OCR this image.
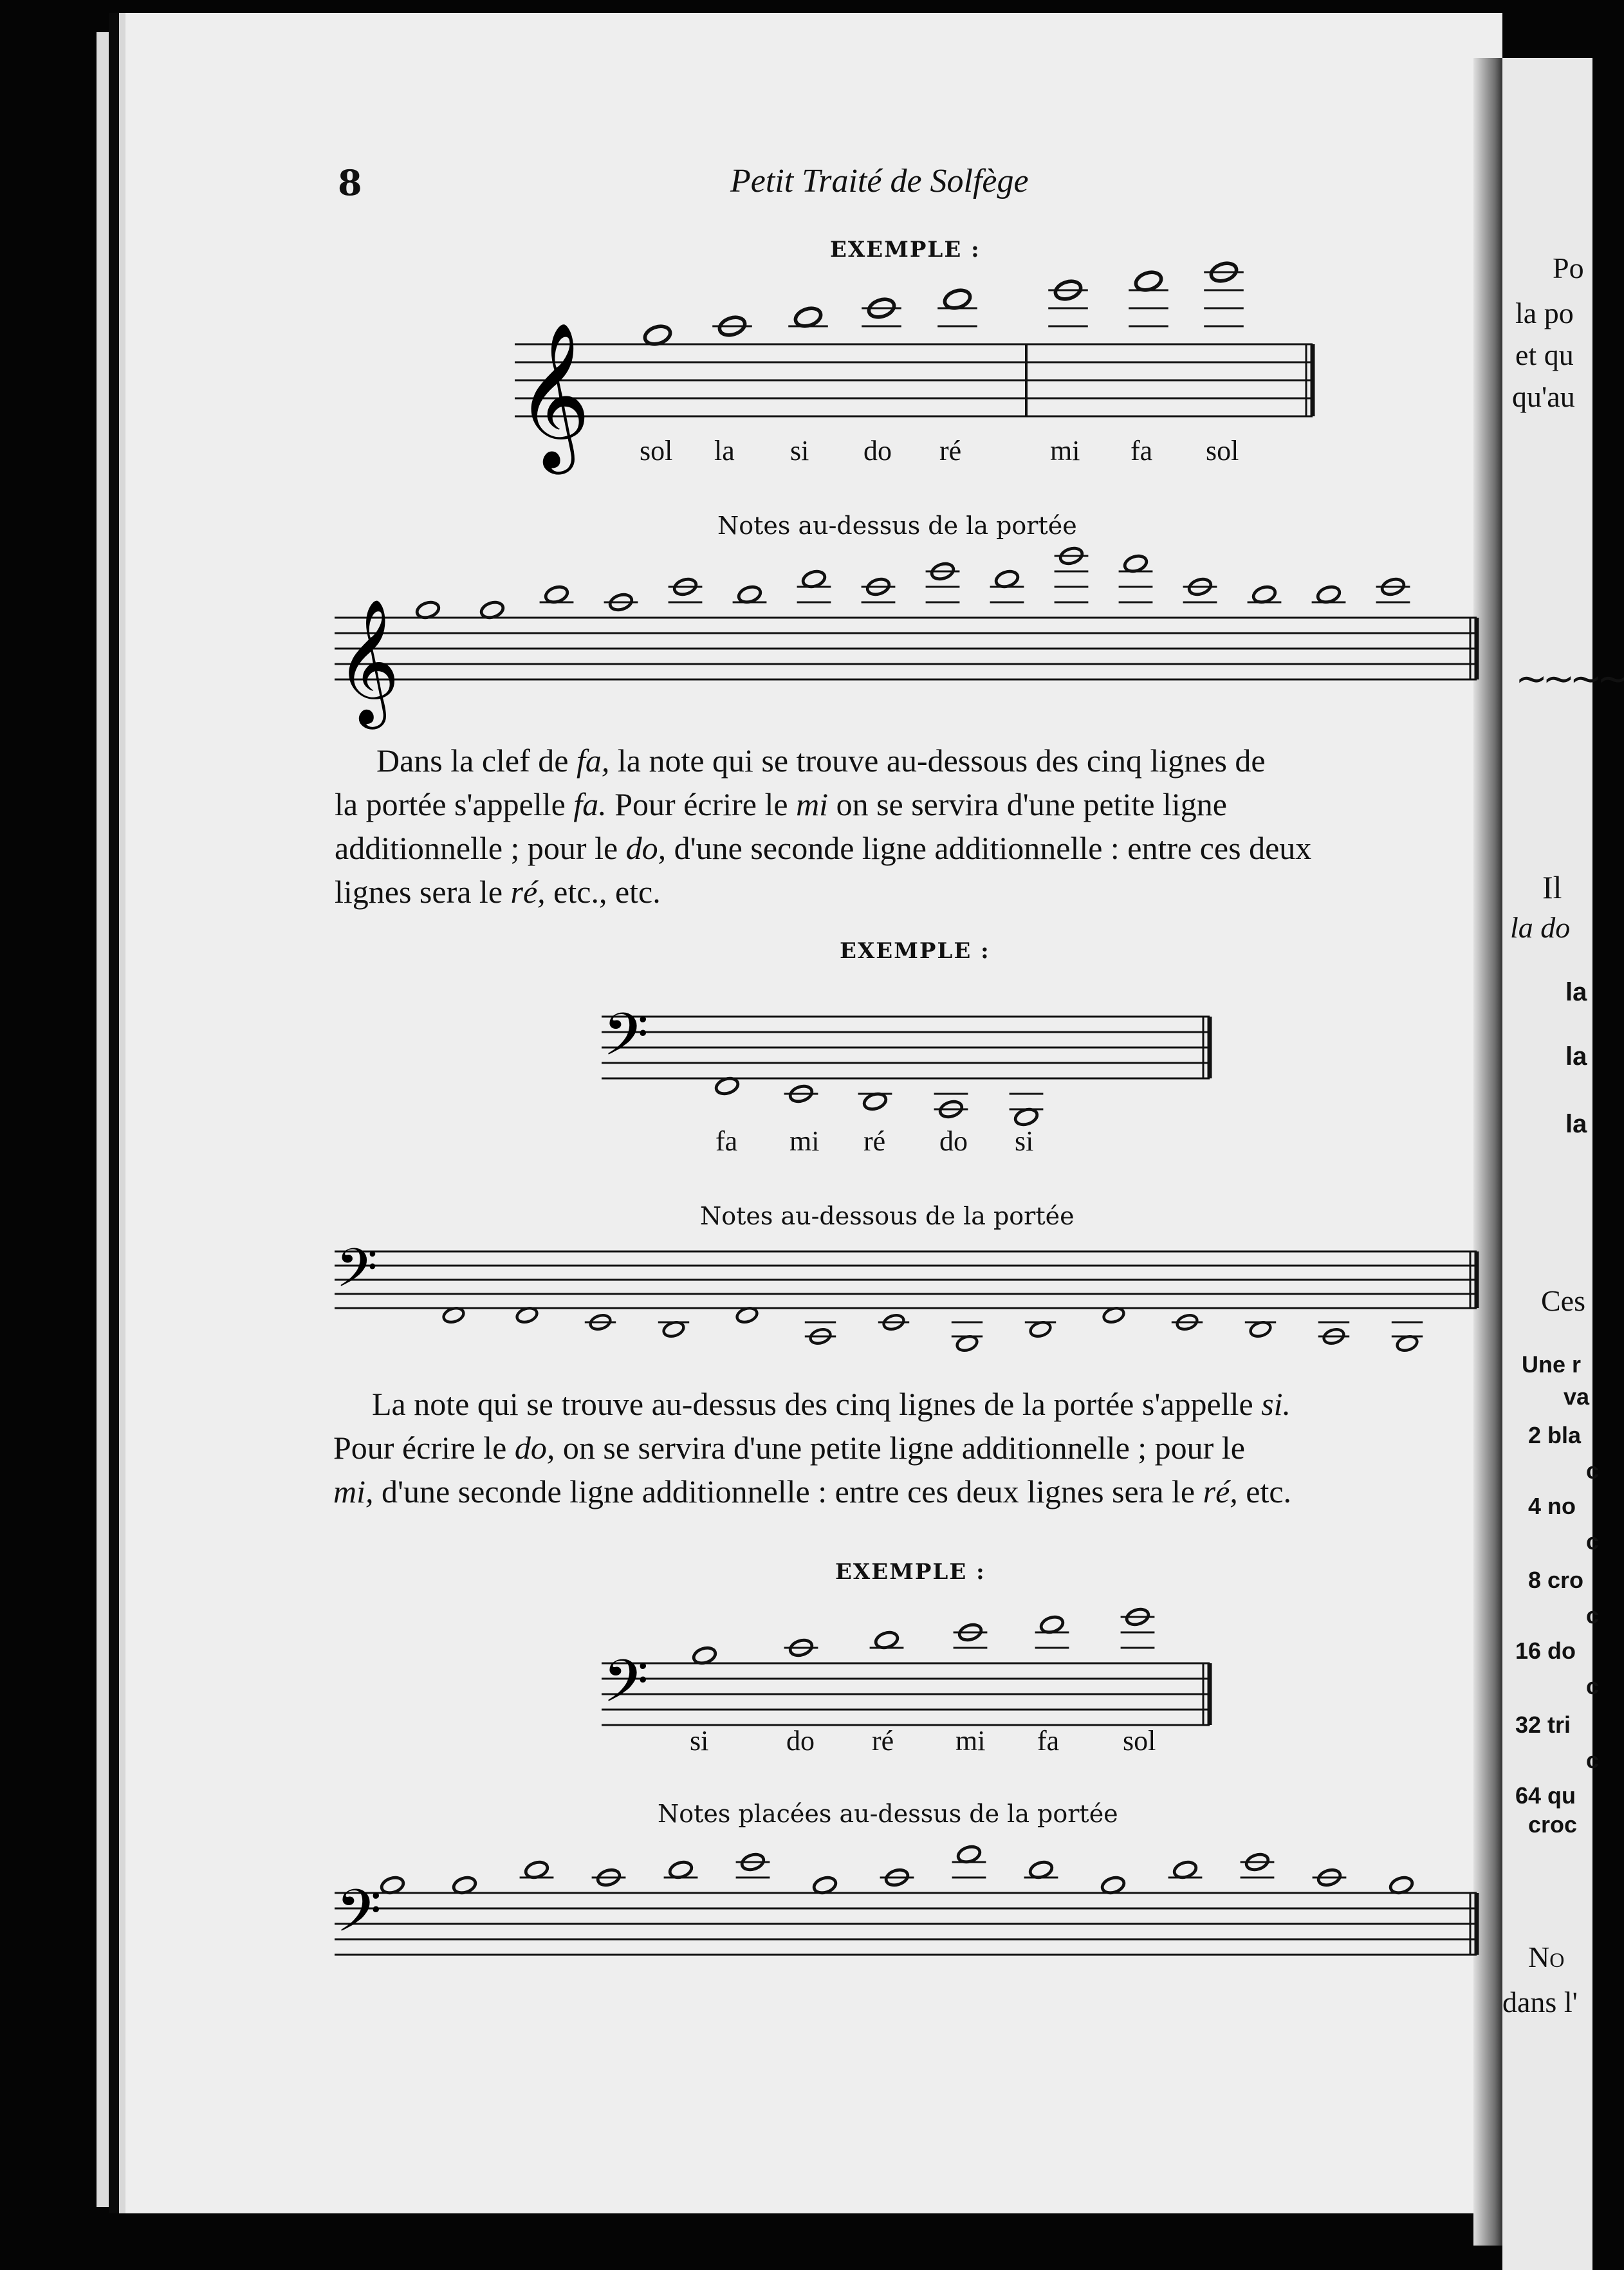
Po
la po
et qu
qu'au
∼∼∼∼
Il
la do
la
la
la
Ces
Une r
va
2 bla
c
4 no
c
8 cro
c
16 do
c
32 tri
c
64 qu
croc
No
dans l'
8	Petit Traité de Solfège
EXEMPLE :
𝄞 sol la si do ré	mi fa sol
Notes au-dessus de la portée
𝄞
Dans la clef de fa, la note qui se trouve au-dessous des cinq lignes de
la portée s'appelle fa. Pour écrire le mi on se servira d'une petite ligne
additionnelle ; pour le do, d'une seconde ligne additionnelle : entre ces deux
lignes sera le ré, etc., etc.
EXEMPLE :
𝄢
fa mi ré do si
Notes au-dessous de la portée
𝄢
La note qui se trouve au-dessus des cinq lignes de la portée s'appelle si.
Pour écrire le do, on se servira d'une petite ligne additionnelle ; pour le
mi, d'une seconde ligne additionnelle : entre ces deux lignes sera le ré, etc.
EXEMPLE :
𝄢
si	do ré mi fa sol
Notes placées au-dessus de la portée
𝄢
